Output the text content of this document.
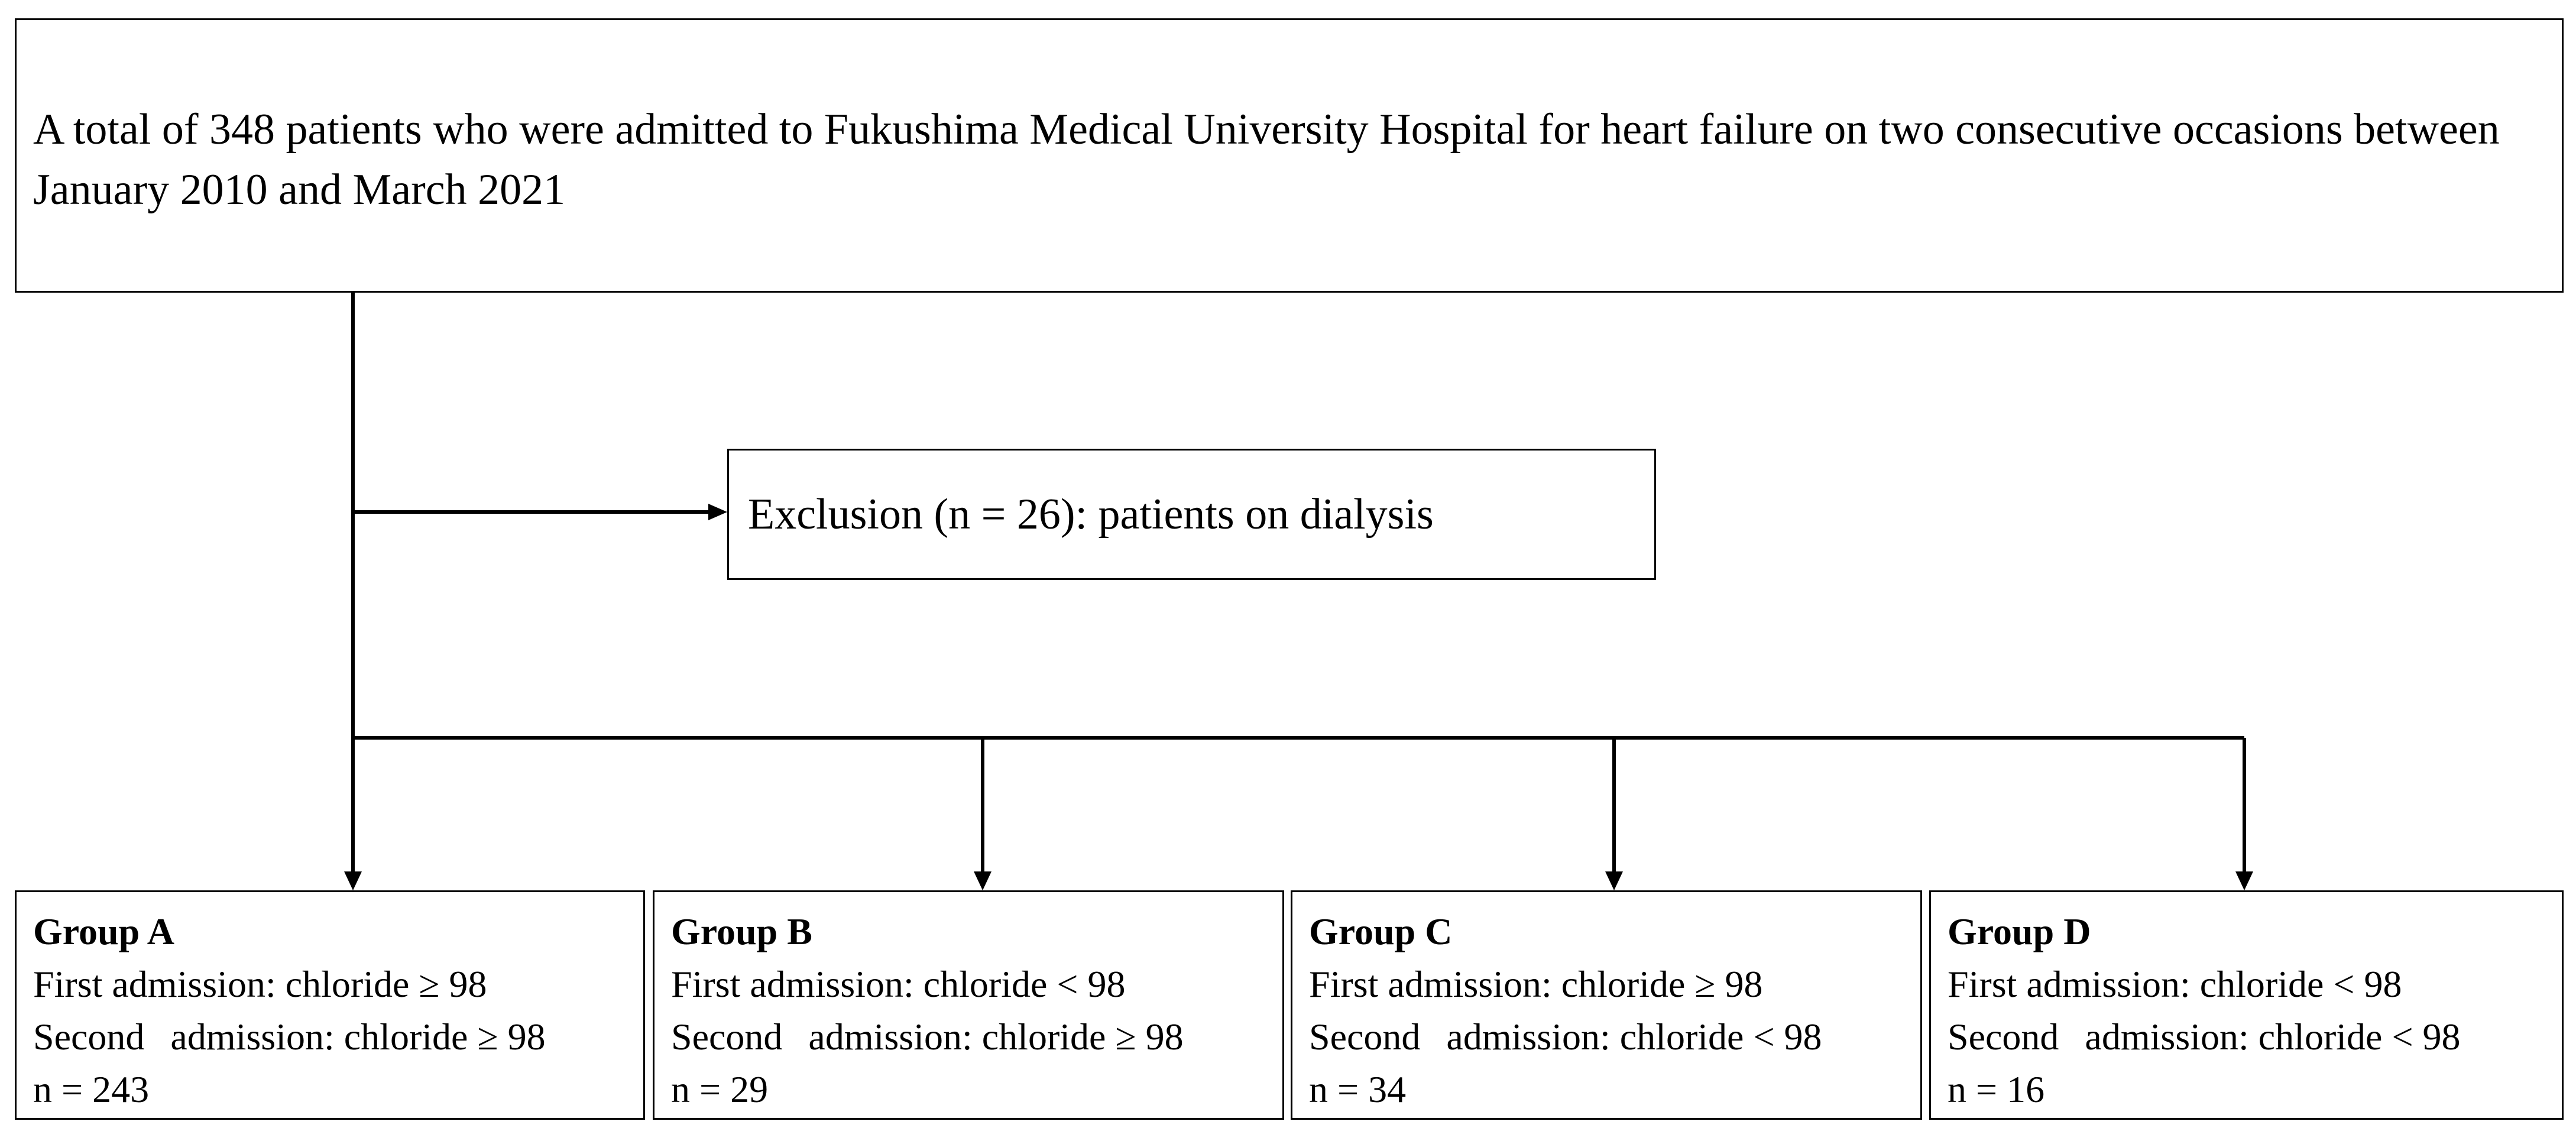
A total of 348 patients who were admitted to Fukushima Medical University Hospital for heart failure on two consecutive occasions between January 2010 and March 2021
Exclusion (n = 26): patients on dialysis
Group A
First admission: chloride ≥ 98
Second admission: chloride ≥ 98
n = 243
Group B
First admission: chloride < 98
Second admission: chloride ≥ 98
n = 29
Group C
First admission: chloride ≥ 98
Second admission: chloride < 98
n = 34
Group D
First admission: chloride < 98
Second admission: chloride < 98
n = 16
